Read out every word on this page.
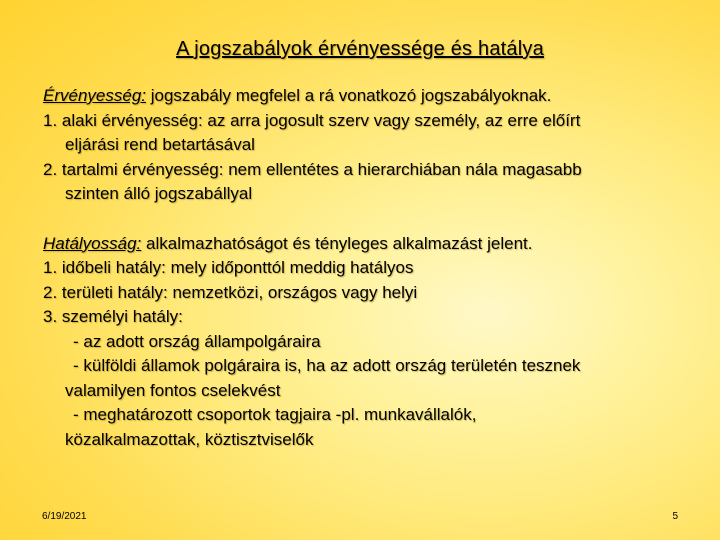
A jogszabályok érvényessége és hatálya
Érvényesség: jogszabály megfelel a rá vonatkozó jogszabályoknak.
1. alaki érvényesség: az arra jogosult szerv vagy személy, az erre előírt
eljárási rend betartásával
2. tartalmi érvényesség: nem ellentétes a hierarchiában nála magasabb
szinten álló jogszabállyal
Hatályosság: alkalmazhatóságot és tényleges alkalmazást jelent.
1. időbeli hatály: mely időponttól meddig hatályos
2. területi hatály: nemzetközi, országos vagy helyi
3. személyi hatály:
- az adott ország állampolgáraira
- külföldi államok polgáraira is, ha az adott ország területén tesznek
valamilyen fontos cselekvést
- meghatározott csoportok tagjaira -pl. munkavállalók,
közalkalmazottak, köztisztviselők
6/19/2021	5
